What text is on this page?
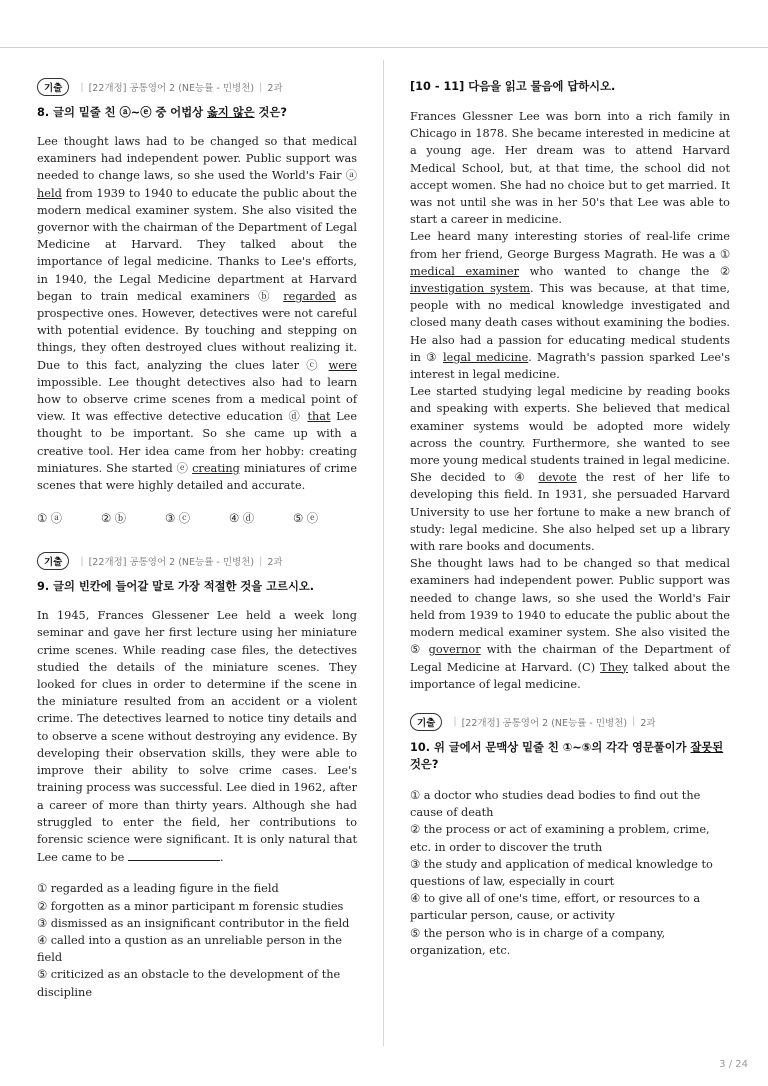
기출	| [22개정] 공통영어 2 (NE능률 - 민병천) | 2과
8. 글의 밑줄 친 ⓐ~ⓔ 중 어법상 옳지 않은 것은?

Lee thought laws had to be changed so that medical examiners had independent power. Public support was needed to change laws, so she used the World's Fair ⓐ held from 1939 to 1940 to educate the public about the modern medical examiner system. She also visited the governor with the chairman of the Department of Legal Medicine at Harvard. They talked about the importance of legal medicine. Thanks to Lee's efforts, in 1940, the Legal Medicine department at Harvard began to train medical examiners ⓑ regarded as prospective ones. However, detectives were not careful with potential evidence. By touching and stepping on things, they often destroyed clues without realizing it. Due to this fact, analyzing the clues later ⓒ were impossible. Lee thought detectives also had to learn how to observe crime scenes from a medical point of view. It was effective detective education ⓓ that Lee thought to be important. So she came up with a creative tool. Her idea came from her hobby: creating miniatures. She started ⓔ creating miniatures of crime scenes that were highly detailed and accurate.

① ⓐ	② ⓑ	③ ⓒ	④ ⓓ	⑤ ⓔ
기출	| [22개정] 공통영어 2 (NE능률 - 민병천) | 2과
9. 글의 빈칸에 들어갈 말로 가장 적절한 것을 고르시오.

In 1945, Frances Glessener Lee held a week long seminar and gave her first lecture using her miniature crime scenes. While reading case files, the detectives studied the details of the miniature scenes. They looked for clues in order to determine if the scene in the miniature resulted from an accident or a violent crime. The detectives learned to notice tiny details and to observe a scene without destroying any evidence. By developing their observation skills, they were able to improve their ability to solve crime cases. Lee's training process was successful. Lee died in 1962, after a career of more than thirty years. Although she had struggled to enter the field, her contributions to forensic science were significant. It is only natural that Lee came to be	.

① regarded as a leading figure in the field
② forgotten as a minor participant m forensic studies
③ dismissed as an insignificant contributor in the field
④ called into a qustion as an unreliable person in the field
⑤ criticized as an obstacle to the development of the discipline
[10 - 11] 다음을 읽고 물음에 답하시오.

Frances Glessner Lee was born into a rich family in Chicago in 1878. She became interested in medicine at a young age. Her dream was to attend Harvard Medical School, but, at that time, the school did not accept women. She had no choice but to get married. It was not until she was in her 50's that Lee was able to start a career in medicine.

Lee heard many interesting stories of real-life crime from her friend, George Burgess Magrath. He was a ① medical examiner who wanted to change the ② investigation system. This was because, at that time, people with no medical knowledge investigated and closed many death cases without examining the bodies. He also had a passion for educating medical students in ③ legal medicine. Magrath's passion sparked Lee's interest in legal medicine.

Lee started studying legal medicine by reading books and speaking with experts. She believed that medical examiner systems would be adopted more widely across the country. Furthermore, she wanted to see more young medical students trained in legal medicine. She decided to ④ devote the rest of her life to developing this field. In 1931, she persuaded Harvard University to use her fortune to make a new branch of study: legal medicine. She also helped set up a library with rare books and documents.

She thought laws had to be changed so that medical examiners had independent power. Public support was needed to change laws, so she used the World's Fair held from 1939 to 1940 to educate the public about the modern medical examiner system. She also visited the ⑤ governor with the chairman of the Department of Legal Medicine at Harvard. (C) They talked about the importance of legal medicine.

기출	| [22개정] 공통영어 2 (NE능률 - 민병천) | 2과
10. 위 글에서 문맥상 밑줄 친 ①~⑤의 각각 영문풀이가 잘못된 것은?
① a doctor who studies dead bodies to find out the cause of death
② the process or act of examining a problem, crime, etc. in order to discover the truth
③ the study and application of medical knowledge to questions of law, especially in court
④ to give all of one's time, effort, or resources to a particular person, cause, or activity
⑤ the person who is in charge of a company, organization, etc.
3 / 24
